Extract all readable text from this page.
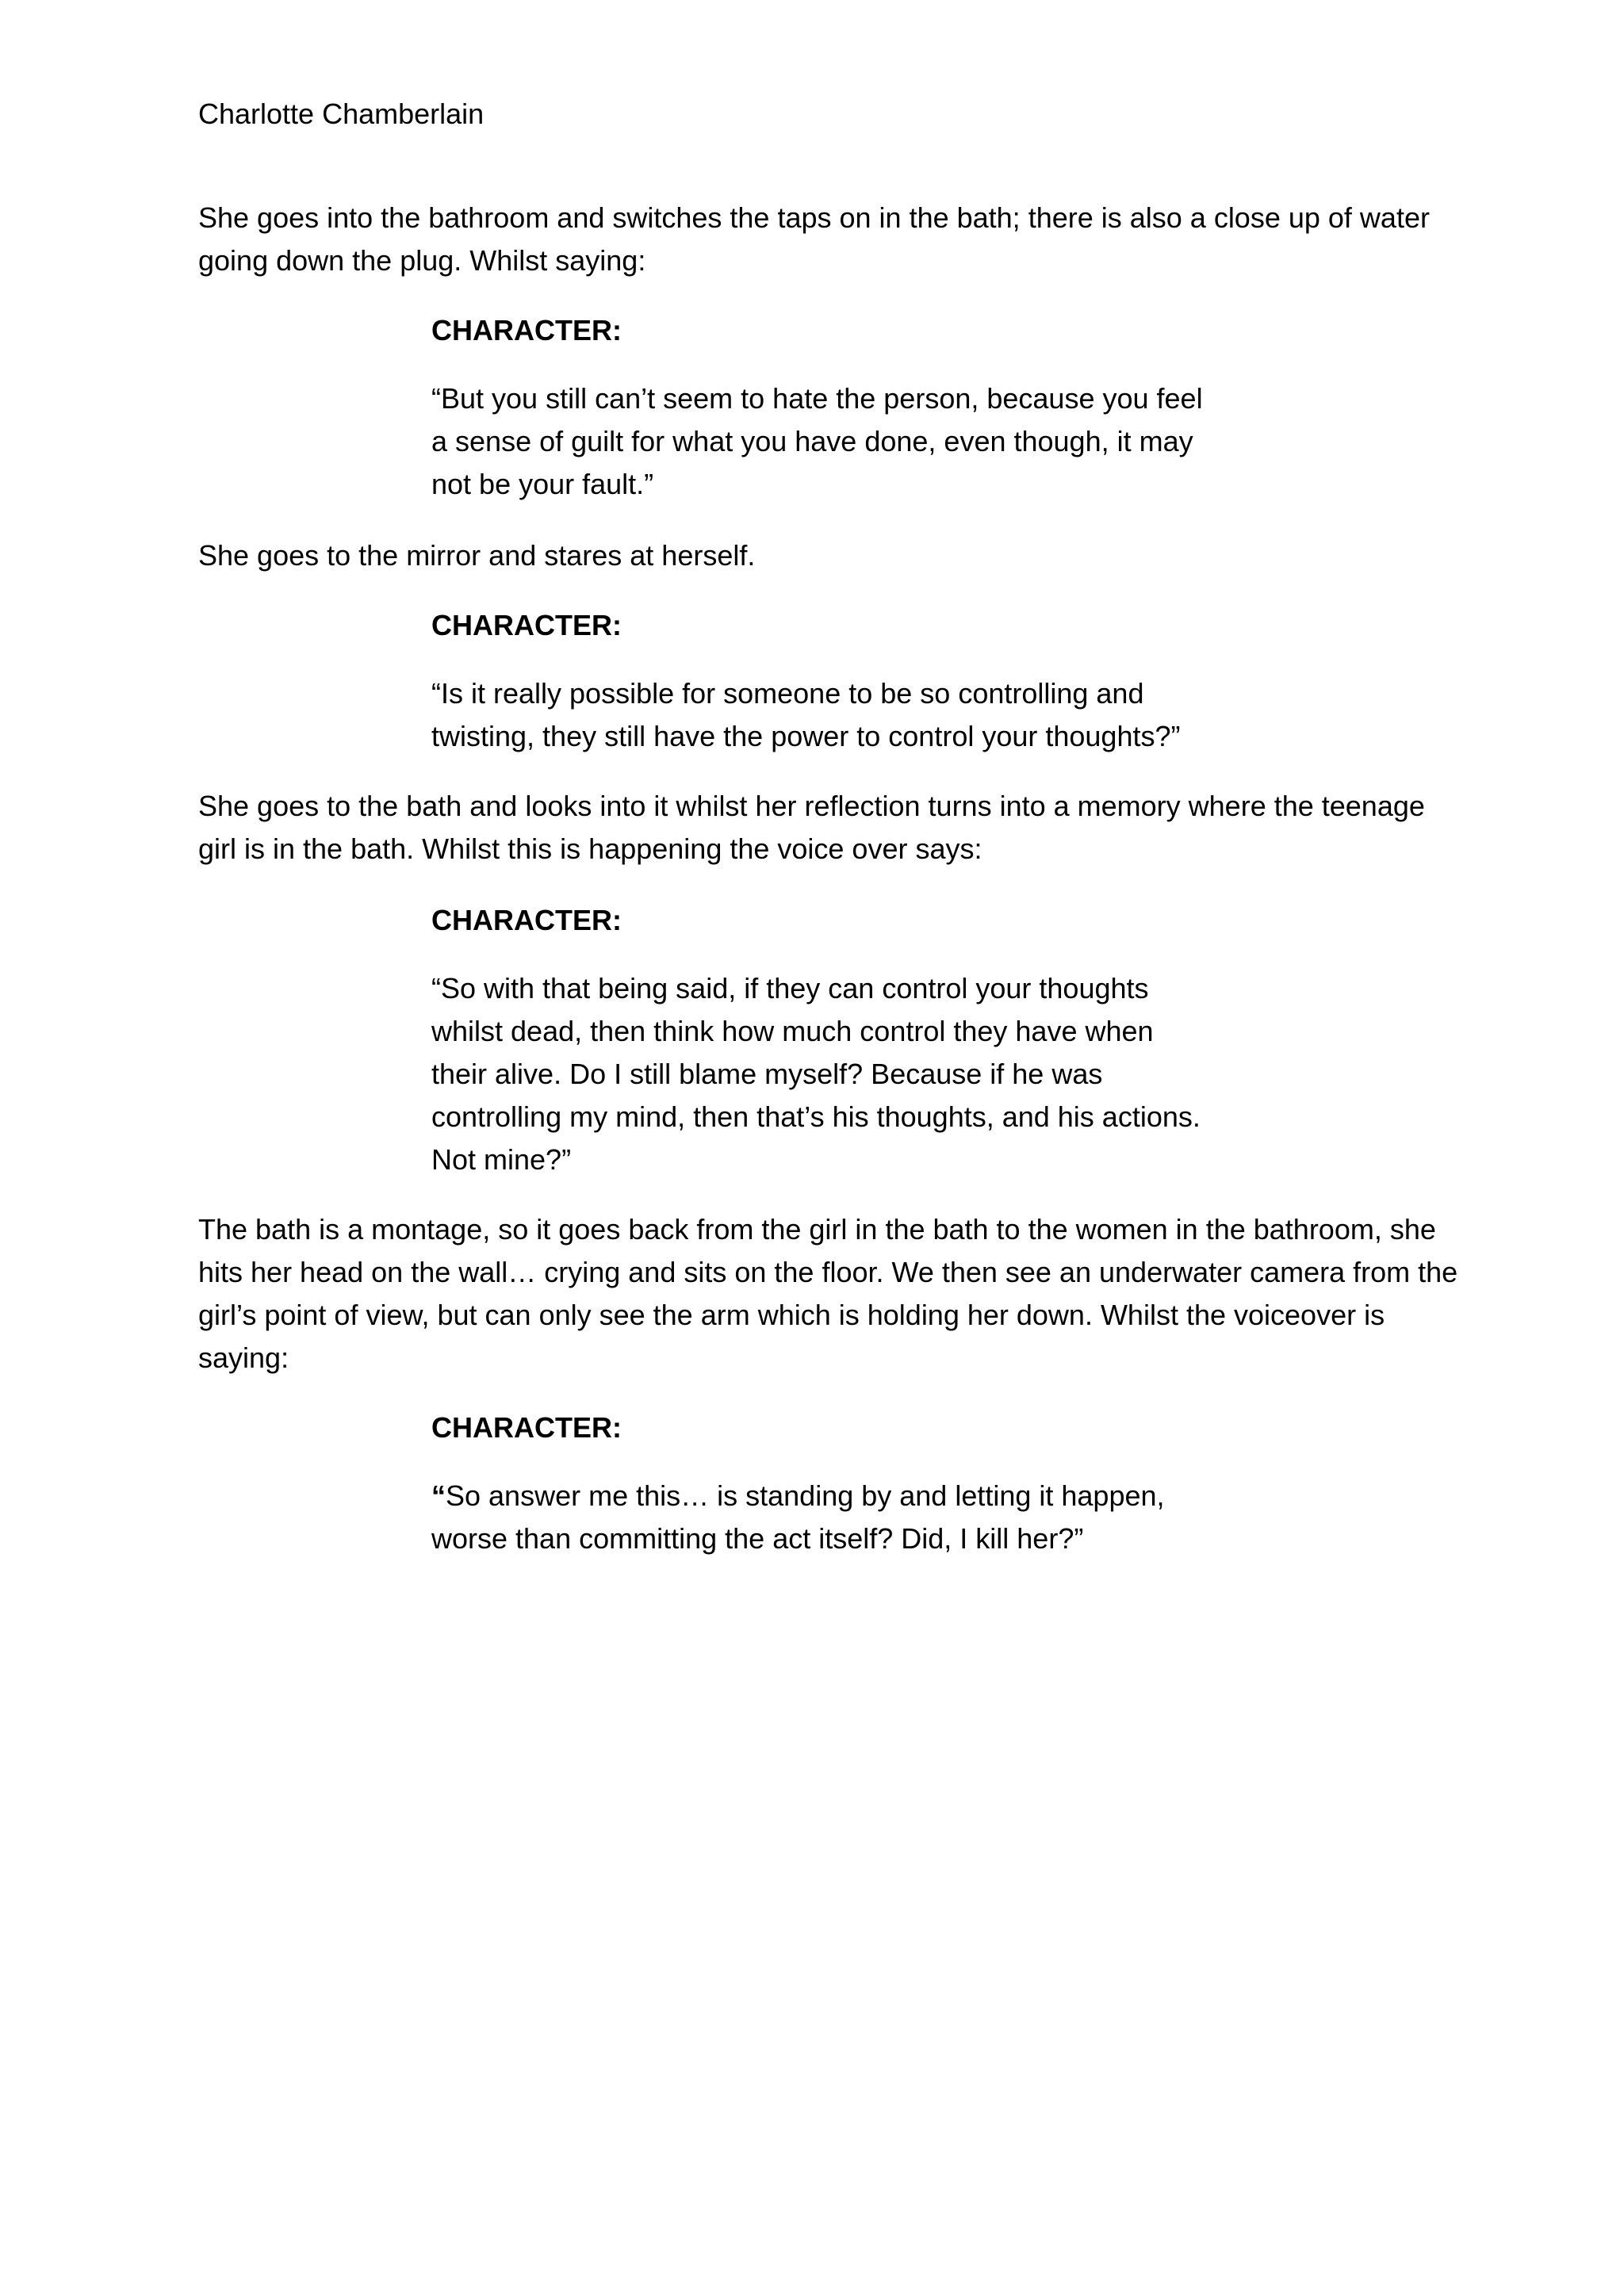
Charlotte Chamberlain
She goes into the bathroom and switches the taps on in the bath; there is also a close up of water
going down the plug. Whilst saying:
CHARACTER:
“But you still can’t seem to hate the person, because you feel
a sense of guilt for what you have done, even though, it may
not be your fault.”
She goes to the mirror and stares at herself.
CHARACTER:
“Is it really possible for someone to be so controlling and
twisting, they still have the power to control your thoughts?”
She goes to the bath and looks into it whilst her reflection turns into a memory where the teenage
girl is in the bath. Whilst this is happening the voice over says:
CHARACTER:
“So with that being said, if they can control your thoughts
whilst dead, then think how much control they have when
their alive. Do I still blame myself? Because if he was
controlling my mind, then that’s his thoughts, and his actions.
Not mine?”
The bath is a montage, so it goes back from the girl in the bath to the women in the bathroom, she
hits her head on the wall… crying and sits on the floor. We then see an underwater camera from the
girl’s point of view, but can only see the arm which is holding her down. Whilst the voiceover is
saying:
CHARACTER:
“So answer me this… is standing by and letting it happen,
worse than committing the act itself? Did, I kill her?”
